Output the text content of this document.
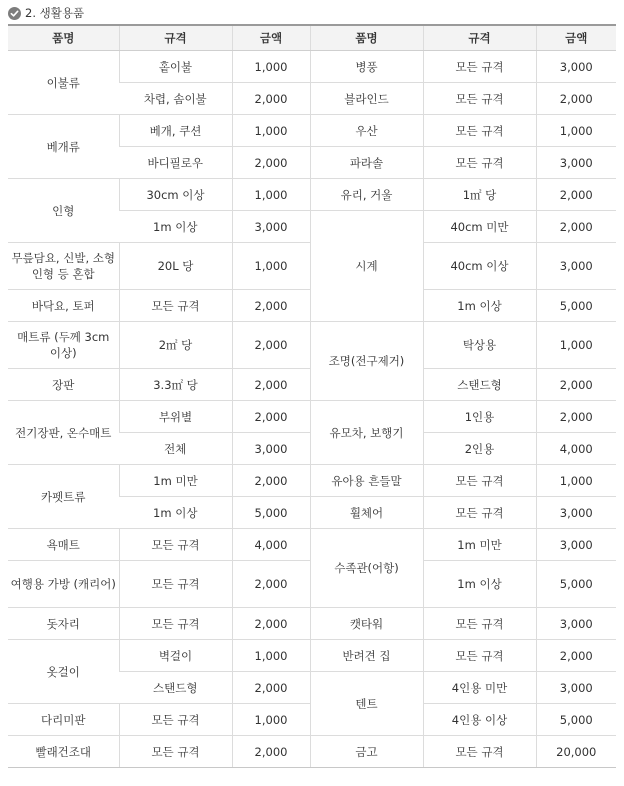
2. 생활용품
품명	규격	금액	품명	규격	금액
이불류	홑이불	1,000	병풍	모든 규격	3,000
	차렵, 솜이불	2,000	블라인드	모든 규격	2,000
베개류	베개, 쿠션	1,000	우산	모든 규격	1,000
	바디필로우	2,000	파라솔	모든 규격	3,000
인형	30cm 이상	1,000	유리, 거울	1㎡ 당	2,000
	1m 이상	3,000	시계	40cm 미만	2,000
무릎담요, 신발, 소형 인형 등 혼합	20L 당	1,000		40cm 이상	3,000
바닥요, 토퍼	모든 규격	2,000		1m 이상	5,000
매트류 (두께 3cm 이상)	2㎡ 당	2,000	조명(전구제거)	탁상용	1,000
장판	3.3㎡ 당	2,000		스탠드형	2,000
전기장판, 온수매트	부위별	2,000	유모차, 보행기	1인용	2,000
	전체	3,000		2인용	4,000
카펫트류	1m 미만	2,000	유아용 흔들말	모든 규격	1,000
	1m 이상	5,000	휠체어	모든 규격	3,000
욕매트	모든 규격	4,000	수족관(어항)	1m 미만	3,000
여행용 가방 (캐리어)	모든 규격	2,000		1m 이상	5,000
돗자리	모든 규격	2,000	캣타워	모든 규격	3,000
옷걸이	벽걸이	1,000	반려견 집	모든 규격	2,000
	스탠드형	2,000	텐트	4인용 미만	3,000
다리미판	모든 규격	1,000		4인용 이상	5,000
빨래건조대	모든 규격	2,000	금고	모든 규격	20,000
